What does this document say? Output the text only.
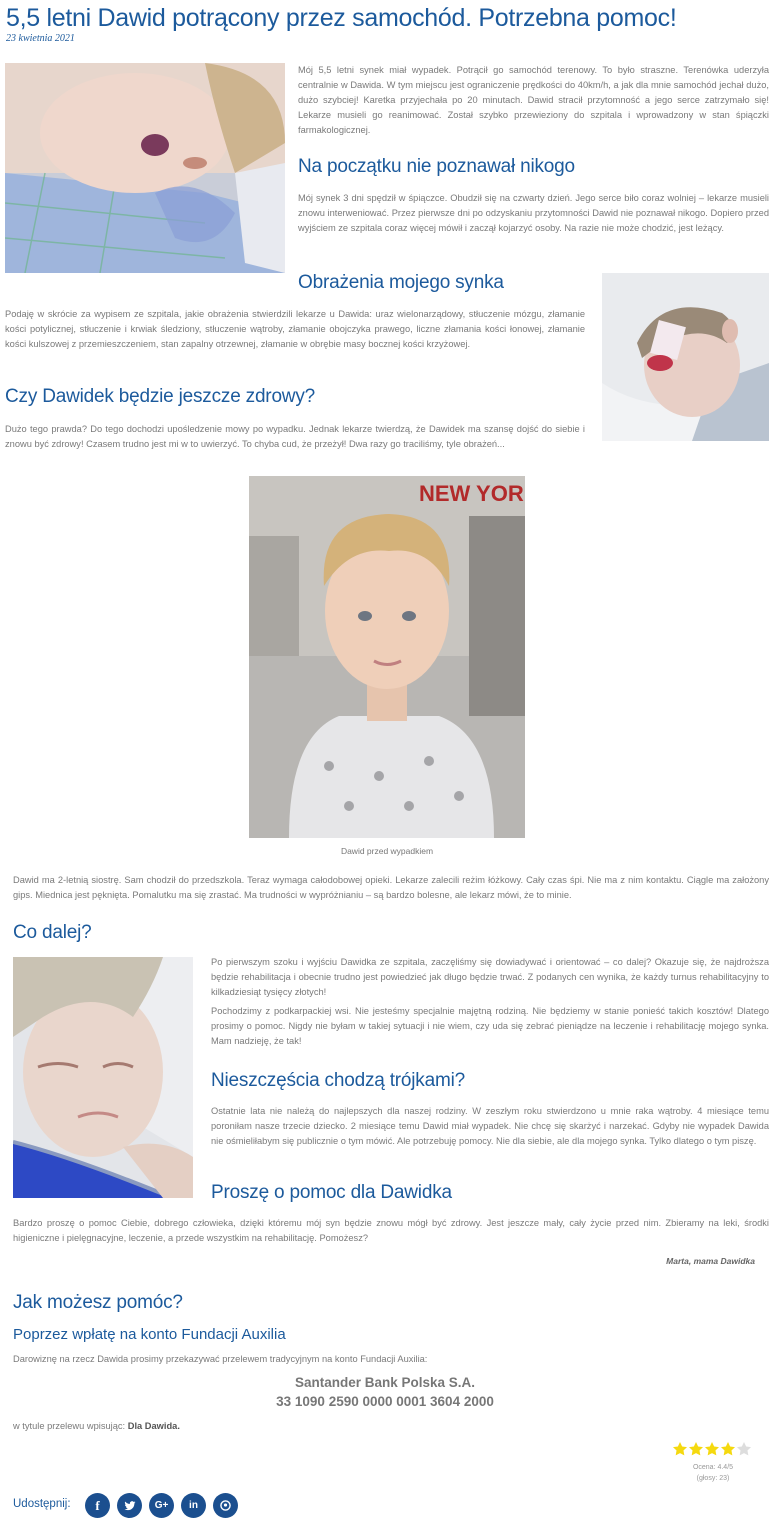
5,5 letni Dawid potrącony przez samochód. Potrzebna pomoc!
23 kwietnia 2021

Mój 5,5 letni synek miał wypadek. Potrącił go samochód terenowy. To było straszne. Terenówka uderzyła centralnie w Dawida. W tym miejscu jest ograniczenie prędkości do 40km/h, a jak dla mnie samochód jechał dużo, dużo szybciej! Karetka przyjechała po 20 minutach. Dawid stracił przytomność a jego serce zatrzymało się! Lekarze musieli go reanimować. Został szybko przewieziony do szpitala i wprowadzony w stan śpiączki farmakologicznej.

Na początku nie poznawał nikogo

Mój synek 3 dni spędził w śpiączce. Obudził się na czwarty dzień. Jego serce biło coraz wolniej – lekarze musieli znowu interweniować. Przez pierwsze dni po odzyskaniu przytomności Dawid nie poznawał nikogo. Dopiero przed wyjściem ze szpitala coraz więcej mówił i zaczął kojarzyć osoby. Na razie nie może chodzić, jest leżący.

Obrażenia mojego synka

Podaję w skrócie za wypisem ze szpitala, jakie obrażenia stwierdzili lekarze u Dawida: uraz wielonarządowy, stłuczenie mózgu, złamanie kości potylicznej, stłuczenie i krwiak śledziony, stłuczenie wątroby, złamanie obojczyka prawego, liczne złamania kości łonowej, złamanie kości kulszowej z przemieszczeniem, stan zapalny otrzewnej, złamanie w obrębie masy bocznej kości krzyżowej.

Czy Dawidek będzie jeszcze zdrowy?

Dużo tego prawda? Do tego dochodzi upośledzenie mowy po wypadku. Jednak lekarze twierdzą, że Dawidek ma szansę dojść do siebie i znowu być zdrowy! Czasem trudno jest mi w to uwierzyć. To chyba cud, że przeżył! Dwa razy go traciliśmy, tyle obrażeń...

NEW YOR
Dawid przed wypadkiem

Dawid ma 2-letnią siostrę. Sam chodził do przedszkola. Teraz wymaga całodobowej opieki. Lekarze zalecili reżim łóżkowy. Cały czas śpi. Nie ma z nim kontaktu. Ciągle ma założony gips. Miednica jest pęknięta. Pomalutku ma się zrastać. Ma trudności w wypróżnianiu – są bardzo bolesne, ale lekarz mówi, że to minie.

Co dalej?

Po pierwszym szoku i wyjściu Dawidka ze szpitala, zaczęliśmy się dowiadywać i orientować – co dalej? Okazuje się, że najdroższa będzie rehabilitacja i obecnie trudno jest powiedzieć jak długo będzie trwać. Z podanych cen wynika, że każdy turnus rehabilitacyjny to kilkadziesiąt tysięcy złotych!

Pochodzimy z podkarpackiej wsi. Nie jesteśmy specjalnie majętną rodziną. Nie będziemy w stanie ponieść takich kosztów! Dlatego prosimy o pomoc. Nigdy nie byłam w takiej sytuacji i nie wiem, czy uda się zebrać pieniądze na leczenie i rehabilitację mojego synka. Mam nadzieję, że tak!

Nieszczęścia chodzą trójkami?

Ostatnie lata nie należą do najlepszych dla naszej rodziny. W zeszłym roku stwierdzono u mnie raka wątroby. 4 miesiące temu poroniłam nasze trzecie dziecko. 2 miesiące temu Dawid miał wypadek. Nie chcę się skarżyć i narzekać. Gdyby nie wypadek Dawida nie ośmieliłabym się publicznie o tym mówić. Ale potrzebuję pomocy. Nie dla siebie, ale dla mojego synka. Tylko dlatego o tym piszę.

Proszę o pomoc dla Dawidka

Bardzo proszę o pomoc Ciebie, dobrego człowieka, dzięki któremu mój syn będzie znowu mógł być zdrowy. Jest jeszcze mały, cały życie przed nim. Zbieramy na leki, środki higieniczne i pielęgnacyjne, leczenie, a przede wszystkim na rehabilitację. Pomożesz?

Marta, mama Dawidka
Jak możesz pomóc?
Poprzez wpłatę na konto Fundacji Auxilia

Darowiznę na rzecz Dawida prosimy przekazywać przelewem tradycyjnym na konto Fundacji Auxilia:

Santander Bank Polska S.A.
33 1090 2590 0000 0001 3604 2000
w tytule przelewu wpisując: Dla Dawida.
Ocena: 4.4/5
(głosy: 23)
Udostępnij: f	G+ in
